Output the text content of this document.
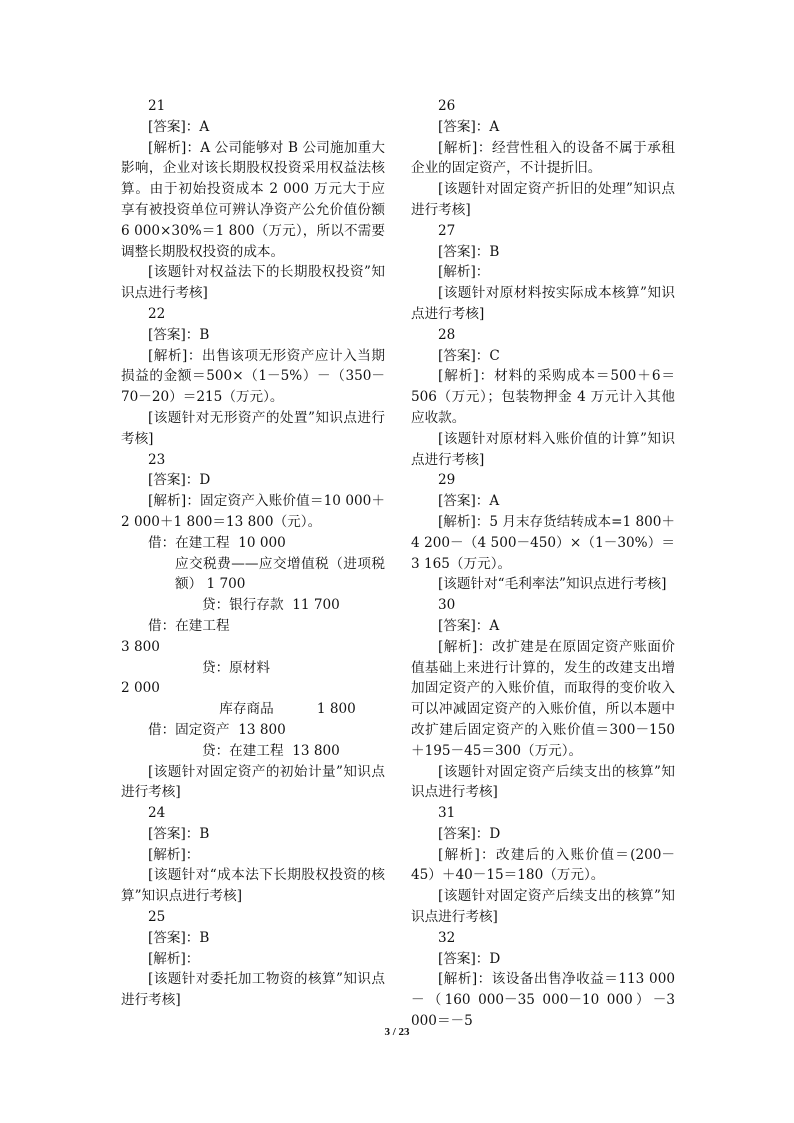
21

[答案]：A

[解析]：A 公司能够对 B 公司施加重大影响，企业对该长期股权投资采用权益法核算。由于初始投资成本 2 000 万元大于应享有被投资单位可辨认净资产公允价值份额 6 000×30%＝1 800（万元），所以不需要调整长期股权投资的成本。

[该题针对权益法下的长期股权投资”知识点进行考核]

22

[答案]：B

[解析]：出售该项无形资产应计入当期损益的金额＝500×（1－5%）－（350－70－20）＝215（万元）。

[该题针对无形资产的处置”知识点进行考核]

23

[答案]：D

[解析]：固定资产入账价值＝10 000＋2 000＋1 800＝13 800（元）。

借：在建工程  10 000

应交税费——应交增值税（进项税额） 1 700

贷：银行存款  11 700

借：在建工程

3 800

贷：原材料

2 000

库存商品          1 800

借：固定资产  13 800

贷：在建工程  13 800

[该题针对固定资产的初始计量”知识点进行考核]

24

[答案]：B

[解析]：

[该题针对“成本法下长期股权投资的核算”知识点进行考核]

25

[答案]：B

[解析]：

[该题针对委托加工物资的核算”知识点进行考核]

26

[答案]：A

[解析]：经营性租入的设备不属于承租企业的固定资产，不计提折旧。

[该题针对固定资产折旧的处理”知识点进行考核]

27

[答案]：B

[解析]：

[该题针对原材料按实际成本核算”知识点进行考核]

28

[答案]：C

[解析]：材料的采购成本＝500＋6＝506（万元）；包装物押金 4 万元计入其他应收款。

[该题针对原材料入账价值的计算”知识点进行考核]

29

[答案]：A

[解析]：5 月末存货结转成本=1 800＋4 200－（4 500－450）×（1－30%）＝3 165（万元）。

[该题针对“毛利率法”知识点进行考核]

30

[答案]：A

[解析]：改扩建是在原固定资产账面价值基础上来进行计算的，发生的改建支出增加固定资产的入账价值，而取得的变价收入可以冲减固定资产的入账价值，所以本题中改扩建后固定资产的入账价值＝300－150＋195－45＝300（万元）。

[该题针对固定资产后续支出的核算”知识点进行考核]

31

[答案]：D

[解析]：改建后的入账价值＝(200－45）＋40－15＝180（万元）。

[该题针对固定资产后续支出的核算”知识点进行考核]

32

[答案]：D

[解析]：该设备出售净收益＝113 000－（160 000－35 000－10 000）－3 000＝－5

3 / 23
